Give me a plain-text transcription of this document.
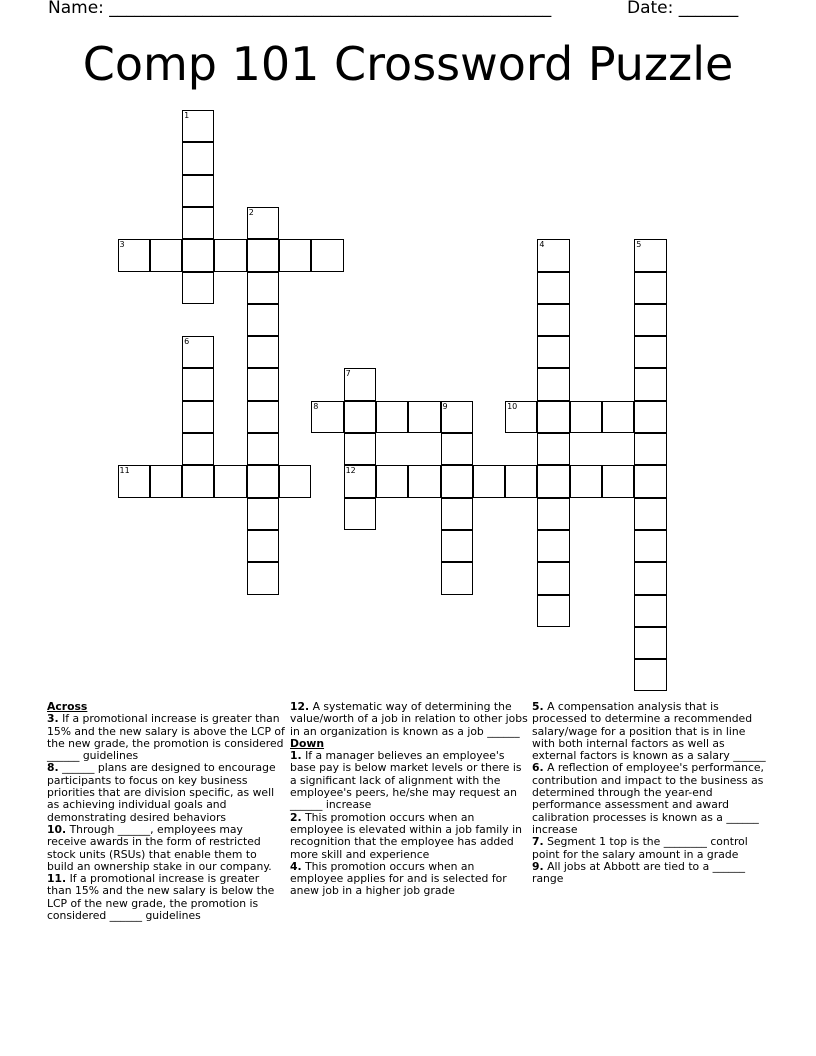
Name: ____________________________________________________	Date: _______
Comp 101 Crossword Puzzle
1
2
3	4	5
6
7
12
8	9	10
11
Across

3. If a promotional increase is greater than 15% and the new salary is above the LCP of the new grade, the promotion is considered ______ guidelines

8. ______ plans are designed to encourage participants to focus on key business priorities that are division specific, as well as achieving individual goals and demonstrating desired behaviors

10. Through ______, employees may receive awards in the form of restricted stock units (RSUs) that enable them to build an ownership stake in our company.

11. If a promotional increase is greater than 15% and the new salary is below the LCP of the new grade, the promotion is considered ______ guidelines

12. A systematic way of determining the value/worth of a job in relation to other jobs in an organization is known as a job ______

Down

1. If a manager believes an employee's base pay is below market levels or there is a significant lack of alignment with the employee's peers, he/she may request an ______ increase

2. This promotion occurs when an employee is elevated within a job family in recognition that the employee has added more skill and experience

4. This promotion occurs when an employee applies for and is selected for anew job in a higher job grade

5. A compensation analysis that is processed to determine a recommended salary/wage for a position that is in line with both internal factors as well as external factors is known as a salary ______

6. A reflection of employee's performance, contribution and impact to the business as determined through the year-end performance assessment and award calibration processes is known as a ______ increase

7. Segment 1 top is the ________ control point for the salary amount in a grade

9. All jobs at Abbott are tied to a ______ range
